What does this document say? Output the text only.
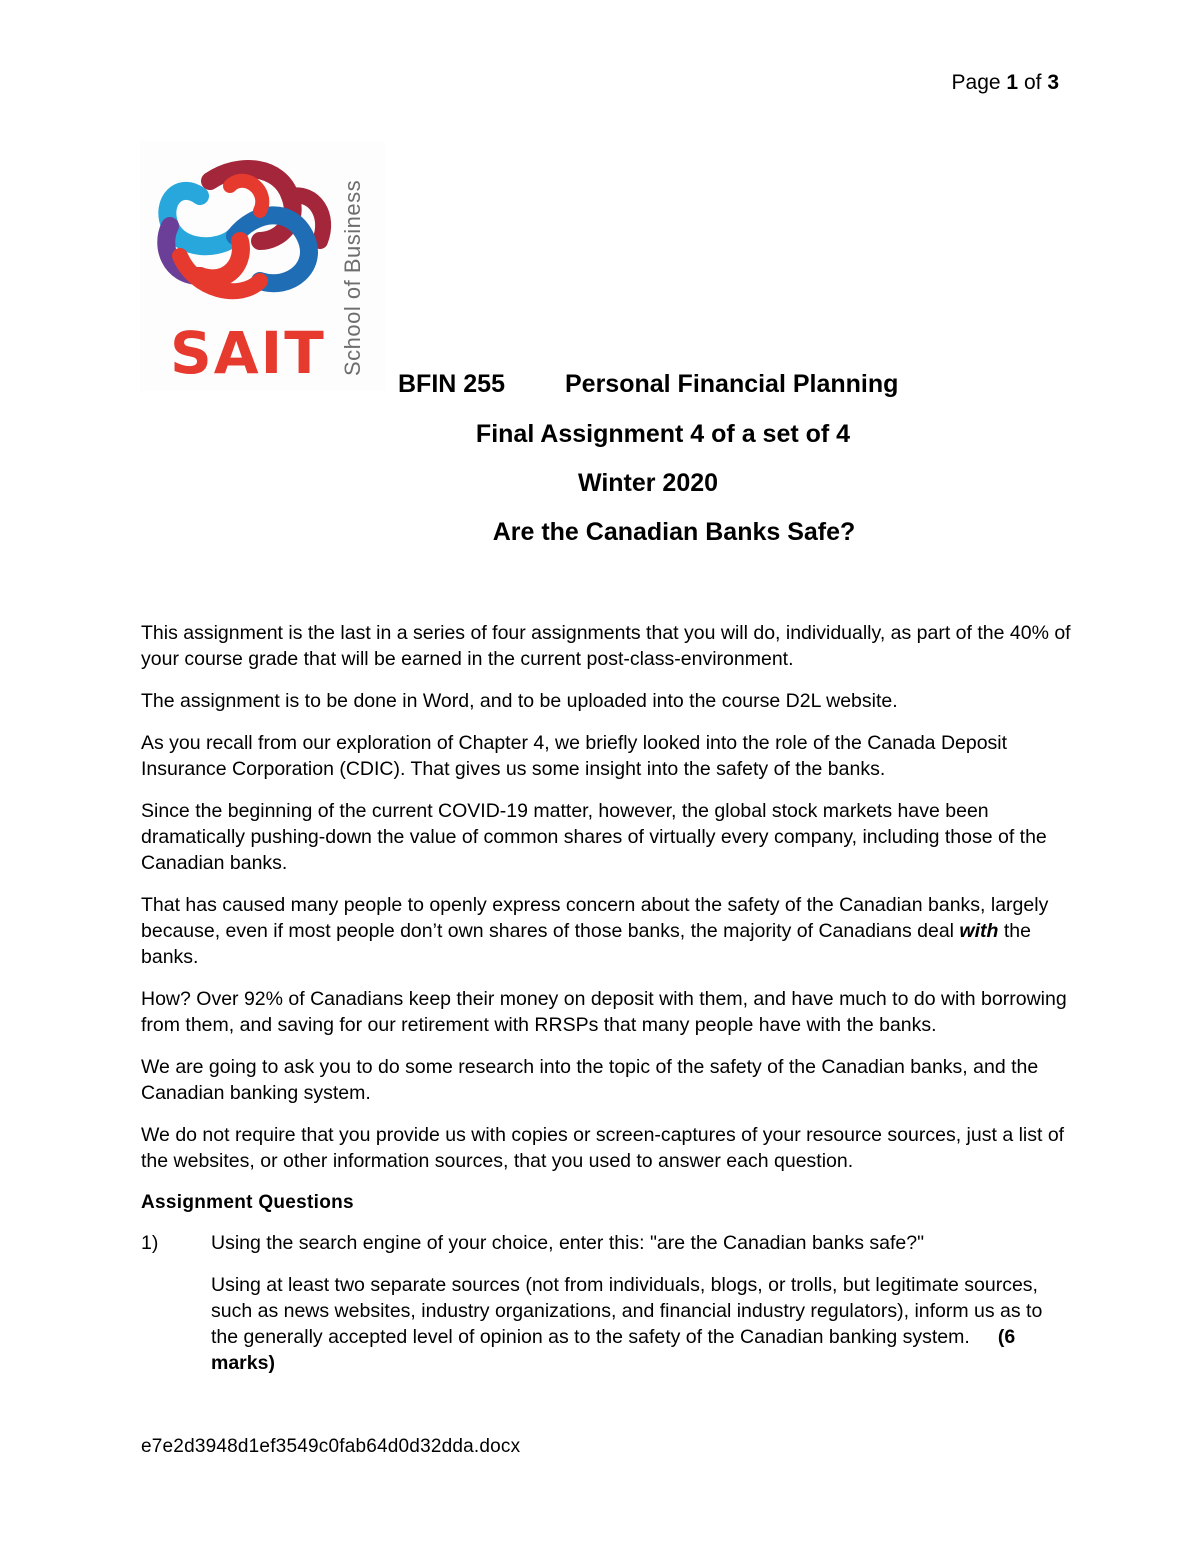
Page 1 of 3
SAIT School of Business
BFIN 255 Personal Financial Planning
Final Assignment 4 of a set of 4
Winter 2020
Are the Canadian Banks Safe?

This assignment is the last in a series of four assignments that you will do, individually, as part of the 40% of your course grade that will be earned in the current post-class-environment.

The assignment is to be done in Word, and to be uploaded into the course D2L website.

As you recall from our exploration of Chapter 4, we briefly looked into the role of the Canada Deposit Insurance Corporation (CDIC). That gives us some insight into the safety of the banks.

Since the beginning of the current COVID-19 matter, however, the global stock markets have been dramatically pushing-down the value of common shares of virtually every company, including those of the Canadian banks.

That has caused many people to openly express concern about the safety of the Canadian banks, largely because, even if most people don’t own shares of those banks, the majority of Canadians deal with the banks.

How? Over 92% of Canadians keep their money on deposit with them, and have much to do with borrowing from them, and saving for our retirement with RRSPs that many people have with the banks.

We are going to ask you to do some research into the topic of the safety of the Canadian banks, and the Canadian banking system.

We do not require that you provide us with copies or screen-captures of your resource sources, just a list of the websites, or other information sources, that you used to answer each question.

Assignment Questions
1)	Using the search engine of your choice, enter this: "are the Canadian banks safe?"
Using at least two separate sources (not from individuals, blogs, or trolls, but legitimate sources, such as news websites, industry organizations, and financial industry regulators), inform us as to the generally accepted level of opinion as to the safety of the Canadian banking system. (6 marks)
e7e2d3948d1ef3549c0fab64d0d32dda.docx
